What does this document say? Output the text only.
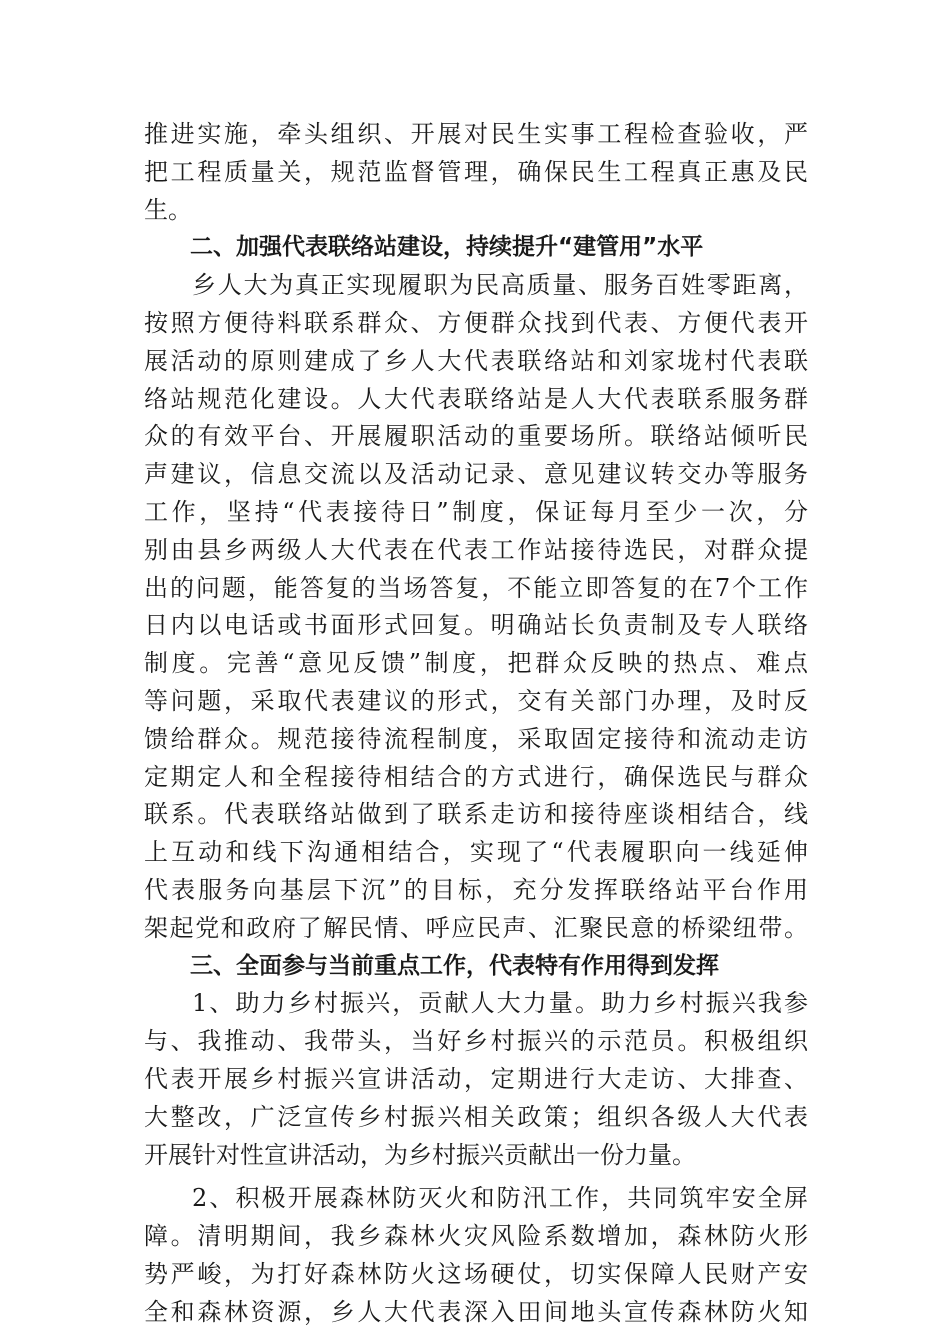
推进实施，牵头组织、开展对民生实事工程检查验收，严
把工程质量关，规范监督管理，确保民生工程真正惠及民
生。
二、加强代表联络站建设，持续提升“建管用”水平
乡人大为真正实现履职为民高质量、服务百姓零距离，
按照方便待料联系群众、方便群众找到代表、方便代表开
展活动的原则建成了乡人大代表联络站和刘家垅村代表联
络站规范化建设。人大代表联络站是人大代表联系服务群
众的有效平台、开展履职活动的重要场所。联络站倾听民
声建议，信息交流以及活动记录、意见建议转交办等服务
工作，坚持“代表接待日”制度，保证每月至少一次，分
别由县乡两级人大代表在代表工作站接待选民，对群众提
出的问题，能答复的当场答复，不能立即答复的在7个工作
日内以电话或书面形式回复。明确站长负责制及专人联络
制度。完善“意见反馈”制度，把群众反映的热点、难点
等问题，采取代表建议的形式，交有关部门办理，及时反
馈给群众。规范接待流程制度，采取固定接待和流动走访
定期定人和全程接待相结合的方式进行，确保选民与群众
联系。代表联络站做到了联系走访和接待座谈相结合，线
上互动和线下沟通相结合，实现了“代表履职向一线延伸
代表服务向基层下沉”的目标，充分发挥联络站平台作用
架起党和政府了解民情、呼应民声、汇聚民意的桥梁纽带。
三、全面参与当前重点工作，代表特有作用得到发挥
1、助力乡村振兴，贡献人大力量。助力乡村振兴我参
与、我推动、我带头，当好乡村振兴的示范员。积极组织
代表开展乡村振兴宣讲活动，定期进行大走访、大排查、
大整改，广泛宣传乡村振兴相关政策；组织各级人大代表
开展针对性宣讲活动，为乡村振兴贡献出一份力量。
2、积极开展森林防灭火和防汛工作，共同筑牢安全屏
障。清明期间，我乡森林火灾风险系数增加，森林防火形
势严峻，为打好森林防火这场硬仗，切实保障人民财产安
全和森林资源，乡人大代表深入田间地头宣传森林防火知
